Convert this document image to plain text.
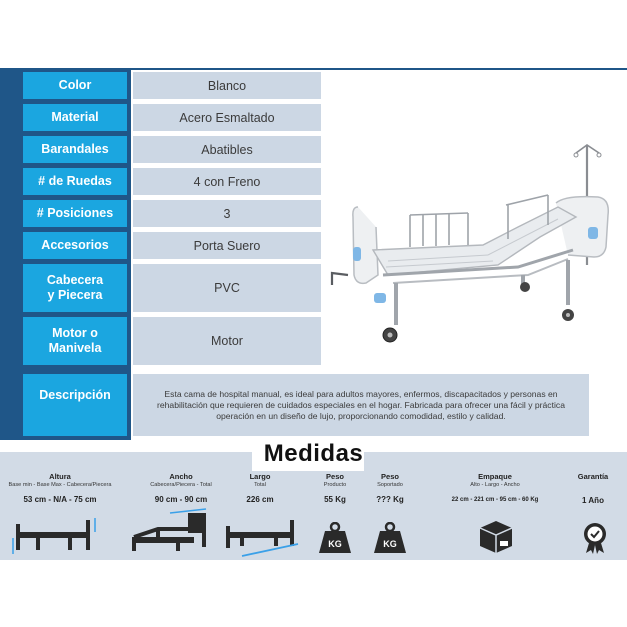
Color	Blanco
Material	Acero Esmaltado
Barandales	Abatibles
# de Ruedas	4 con Freno
# Posiciones	3
Accesorios	Porta Suero
Cabecera
y Piecera	PVC
Motor o
Manivela	Motor
Descripción	Esta cama de hospital manual, es ideal para adultos mayores, enfermos, discapacitados y personas en rehabilitación que requieren de cuidados especiales en el hogar. Fabricada para ofrecer una fácil y práctica operación en un diseño de lujo, proporcionando comodidad, estilo y calidad.
Medidas
Altura
Base min - Base Max - Cabecera/Piecera
53 cm - N/A - 75 cm
Ancho
Cabecera/Piecera - Total
90 cm - 90 cm
Largo
Total
226 cm
Peso
Producto
55 Kg
Peso
Soportado
??? Kg
Empaque
Alto - Largo - Ancho
22 cm - 221 cm - 95 cm - 60 Kg
Garantía
1 Año
KG	KG
